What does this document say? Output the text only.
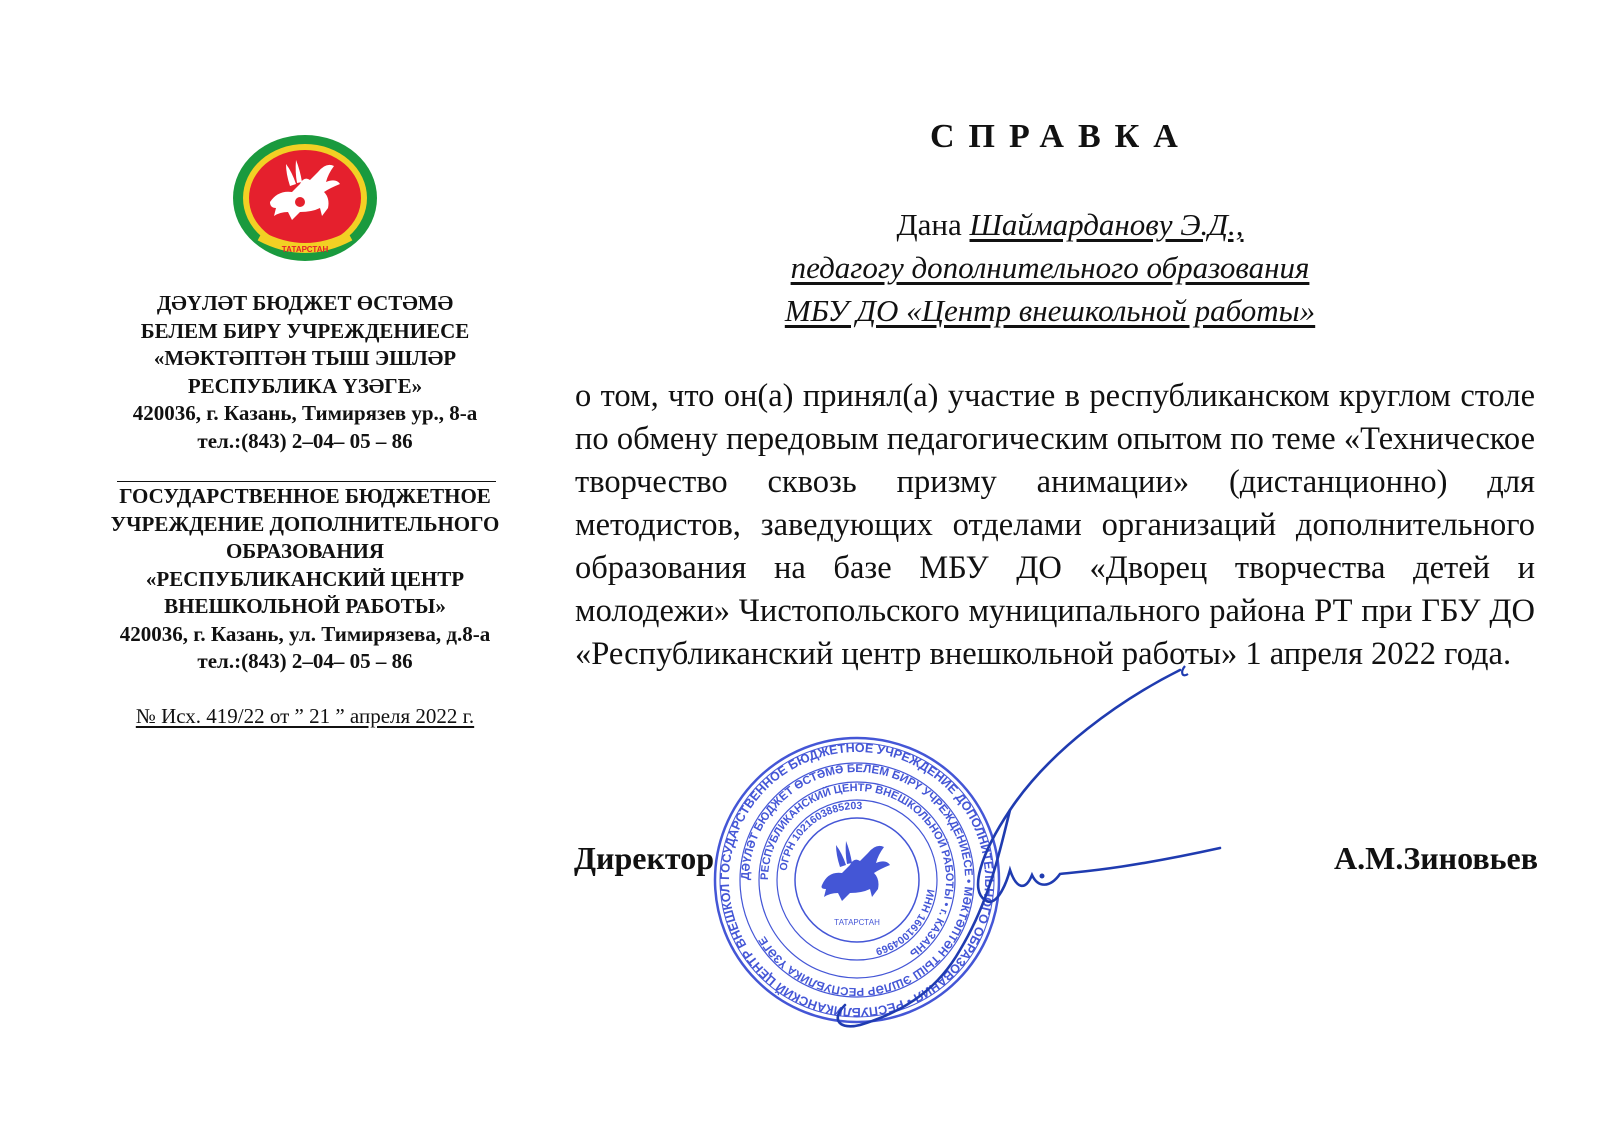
ТАТАРСТАН
ДӘҮЛӘТ БЮДЖЕТ ӨСТӘМӘ
БЕЛЕМ БИРҮ УЧРЕЖДЕНИЕСЕ
«МӘКТӘПТӘН ТЫШ ЭШЛӘР
РЕСПУБЛИКА ҮЗӘГЕ»
420036, г. Казань, Тимирязев ур., 8-а
тел.:(843) 2–04– 05 – 86
ГОСУДАРСТВЕННОЕ БЮДЖЕТНОЕ
УЧРЕЖДЕНИЕ ДОПОЛНИТЕЛЬНОГО
ОБРАЗОВАНИЯ
«РЕСПУБЛИКАНСКИЙ ЦЕНТР
ВНЕШКОЛЬНОЙ РАБОТЫ»
420036, г. Казань, ул. Тимирязева, д.8-а
тел.:(843) 2–04– 05 – 86
№ Исх. 419/22 от ” 21 ” апреля 2022 г.
СПРАВКА
Дана Шаймарданову Э.Д.,
педагогу дополнительного образования
МБУ ДО «Центр внешкольной работы»
о том, что он(а) принял(а) участие в республиканском круглом столе по обмену передовым педагогическим опытом по теме «Техническое творчество сквозь призму анимации» (дистанционно) для методистов, заведующих отделами организаций дополнительного образования на базе МБУ ДО «Дворец творчества детей и молодежи» Чистопольского муниципального района РТ при ГБУ ДО «Республиканский центр внешкольной работы» 1 апреля 2022 года.
Директор	А.М.Зиновьев
ГОСУДАРСТВЕННОЕ БЮДЖЕТНОЕ УЧРЕЖДЕНИЕ ДОПОЛНИТЕЛЬНОГО ОБРАЗОВАНИЯ • РЕСПУБЛИКАНСКИЙ ЦЕНТР ВНЕШКОЛ
ДӘҮЛӘТ БЮДЖЕТ ӨСТӘМӘ БЕЛЕМ БИРҮ УЧРЕЖДЕНИЕСЕ • МӘКТӘПТӘН ТЫШ ЭШЛӘР РЕСПУБЛИКА ҮЗӘГЕ
РЕСПУБЛИКАНСКИЙ ЦЕНТР ВНЕШКОЛЬНОЙ РАБОТЫ • г. КАЗАНЬ
ОГРН 1021603885203
ИНН 1661004969
ТАТАРСТАН
